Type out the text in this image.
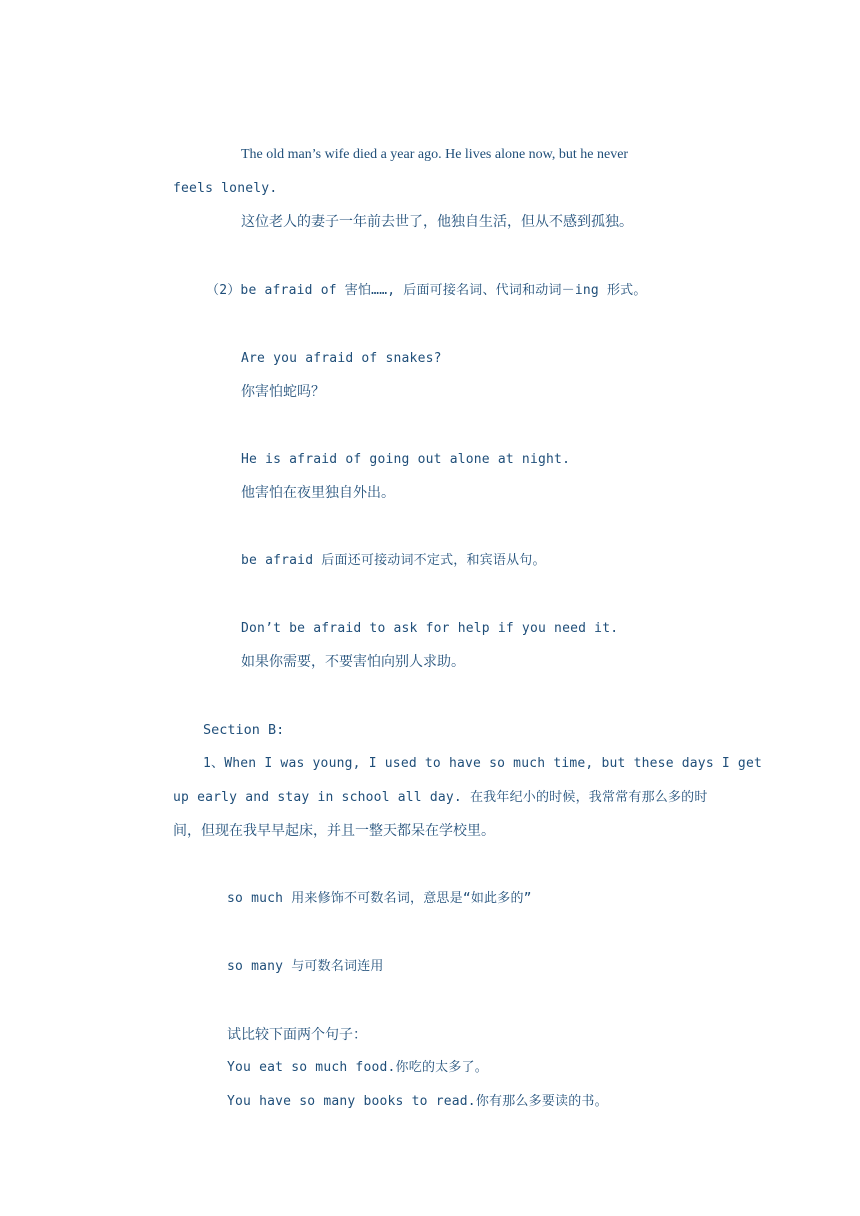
The old man’s wife died a year ago. He lives alone now, but he never

feels lonely.

这位老人的妻子一年前去世了，他独自生活，但从不感到孤独。

（2）be afraid of 害怕……, 后面可接名词、代词和动词－ing 形式。

Are you afraid of snakes?

你害怕蛇吗？

He is afraid of going out alone at night.

他害怕在夜里独自外出。

be afraid 后面还可接动词不定式，和宾语从句。

Don’t be afraid to ask for help if you need it.

如果你需要，不要害怕向别人求助。

Section B:

1、When I was young, I used to have so much time, but these days I get

up early and stay in school all day. 在我年纪小的时候，我常常有那么多的时

间，但现在我早早起床，并且一整天都呆在学校里。

so much 用来修饰不可数名词，意思是“如此多的”

so many 与可数名词连用

试比较下面两个句子：

You eat so much food.你吃的太多了。

You have so many books to read.你有那么多要读的书。
